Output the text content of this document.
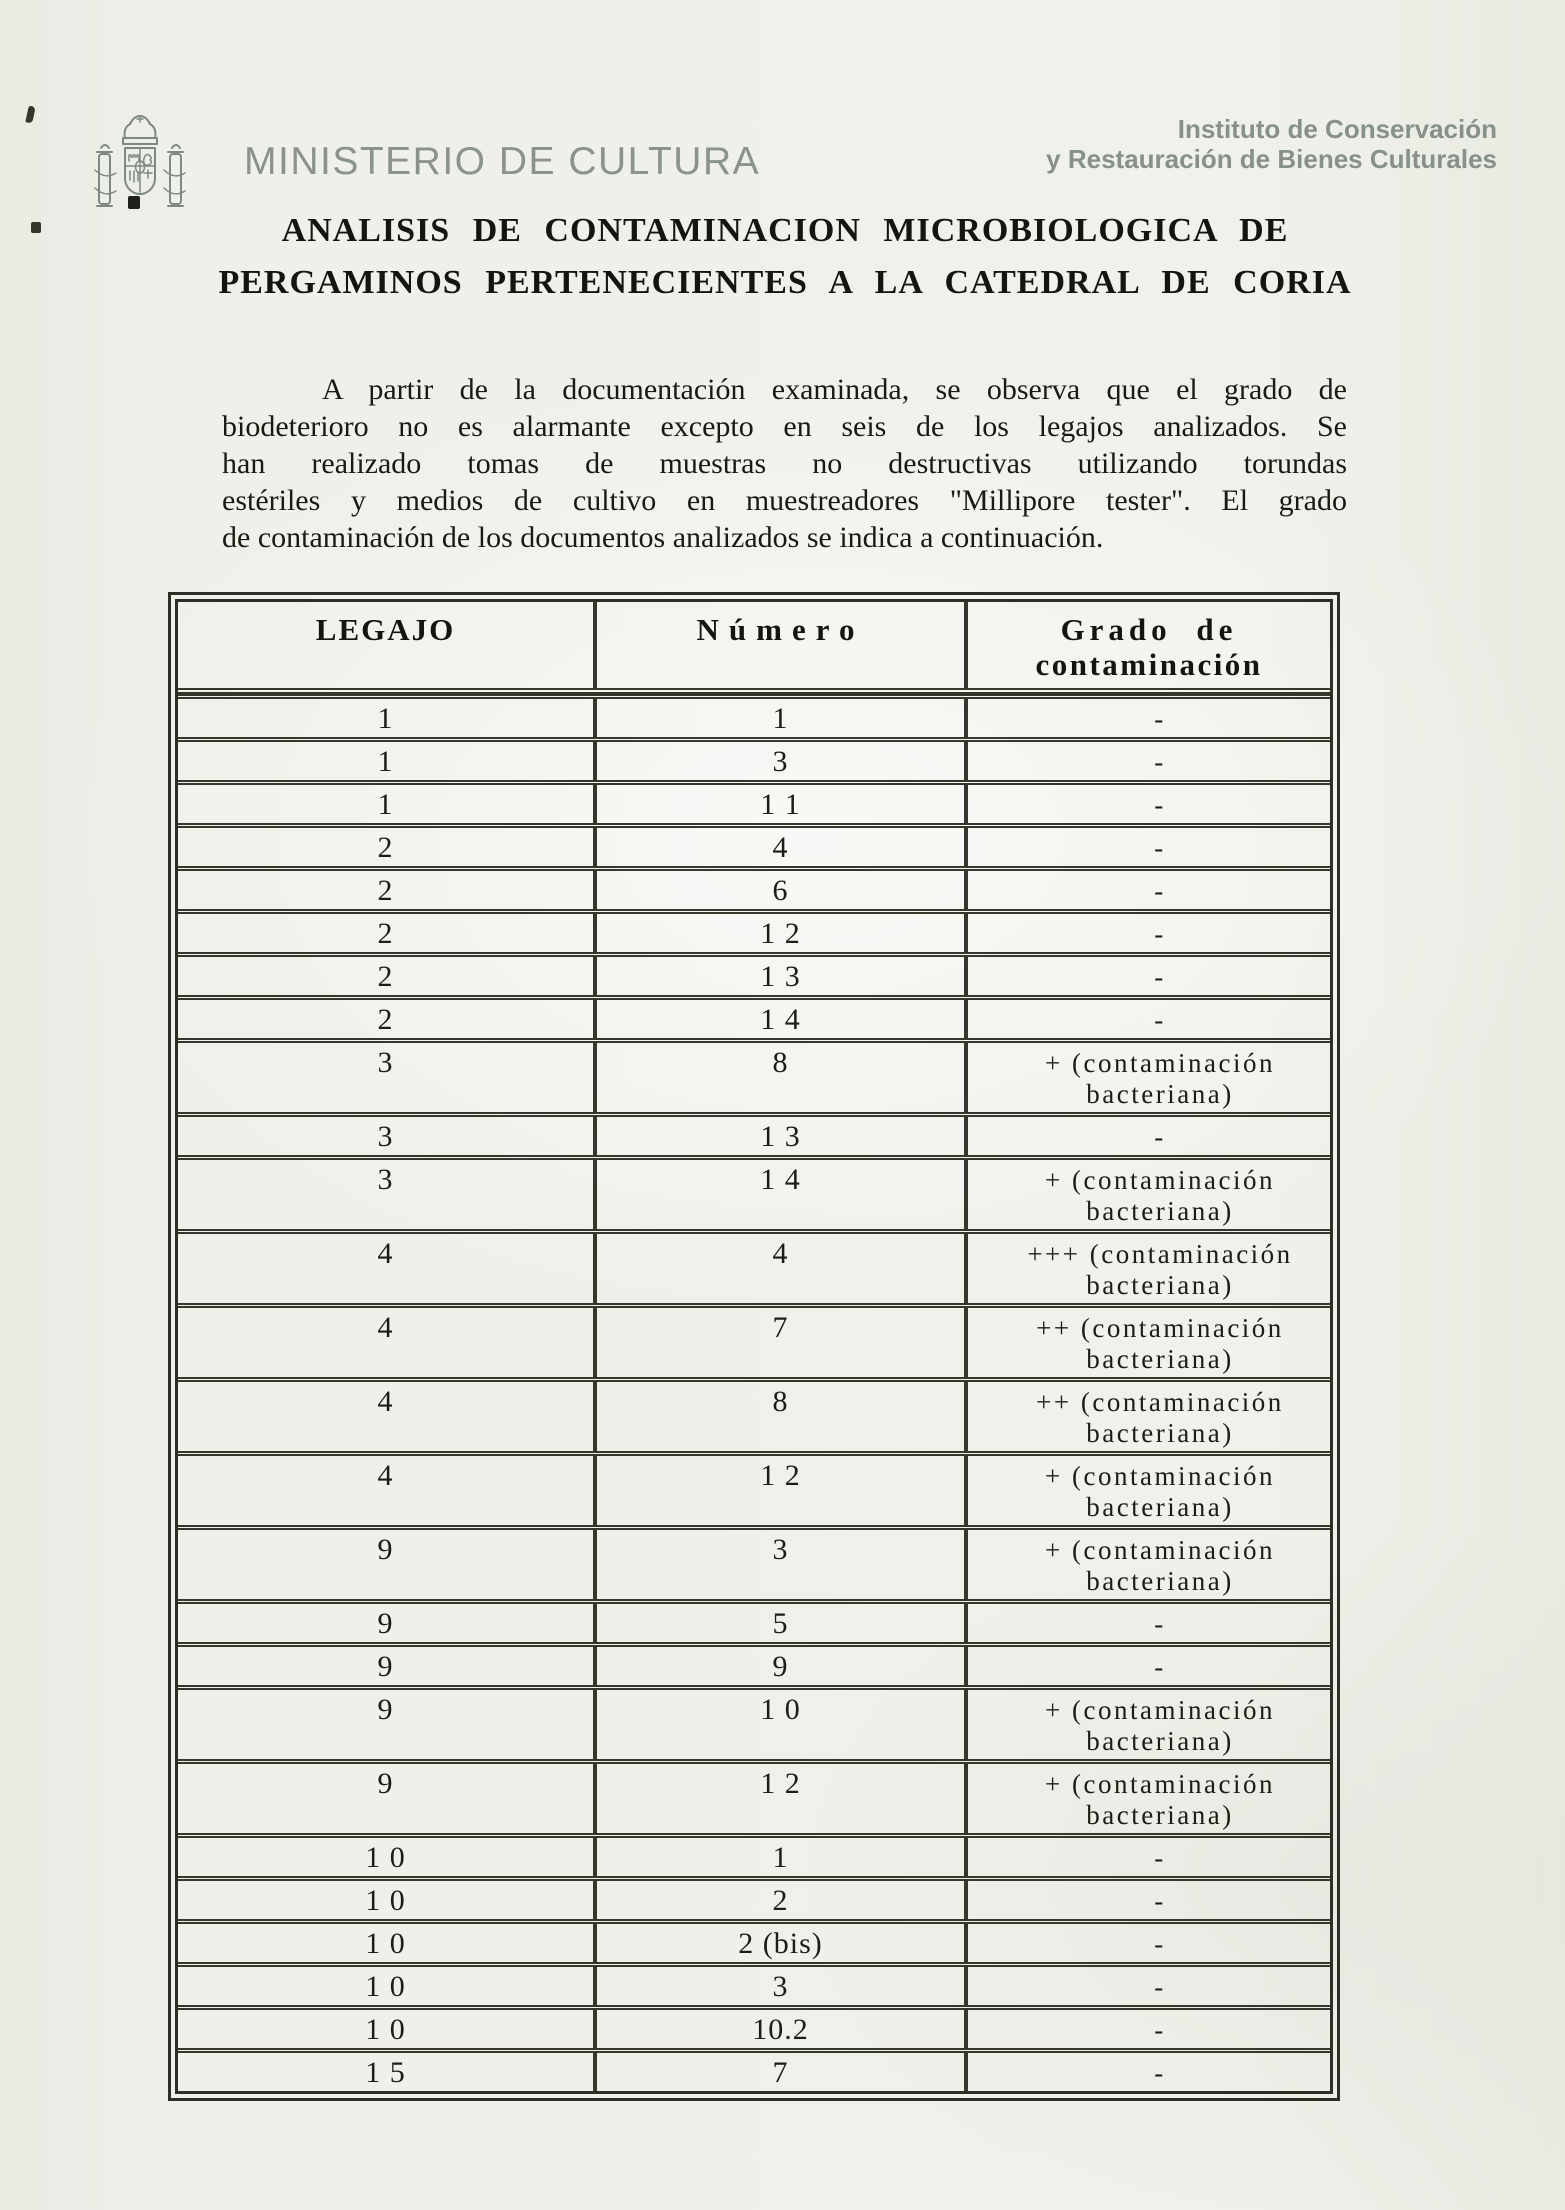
MINISTERIO DE CULTURA
Instituto de Conservación
y Restauración de Bienes Culturales
ANALISIS DE CONTAMINACION MICROBIOLOGICA DE
PERGAMINOS PERTENECIENTES A LA CATEDRAL DE CORIA
A partir de la documentación examinada, se observa que el grado de
biodeterioro no es alarmante excepto en seis de los legajos analizados. Se
han realizado tomas de muestras no destructivas utilizando torundas
estériles y medios de cultivo en muestreadores "Millipore tester". El grado
de contaminación de los documentos analizados se indica a continuación.
LEGAJO	Número	Grado de
contaminación
1	1	-
1	3	-
1	1 1	-
2	4	-
2	6	-
2	1 2	-
2	1 3	-
2	1 4	-
3	8	+ (contaminación
bacteriana)
3	1 3	-
3	1 4	+ (contaminación
bacteriana)
4	4	+++ (contaminación
bacteriana)
4	7	++ (contaminación
bacteriana)
4	8	++ (contaminación
bacteriana)
4	1 2	+ (contaminación
bacteriana)
9	3	+ (contaminación
bacteriana)
9	5	-
9	9	-
9	1 0	+ (contaminación
bacteriana)
9	1 2	+ (contaminación
bacteriana)
1 0	1	-
1 0	2	-
1 0	2 (bis)	-
1 0	3	-
1 0	10.2	-
1 5	7	-
